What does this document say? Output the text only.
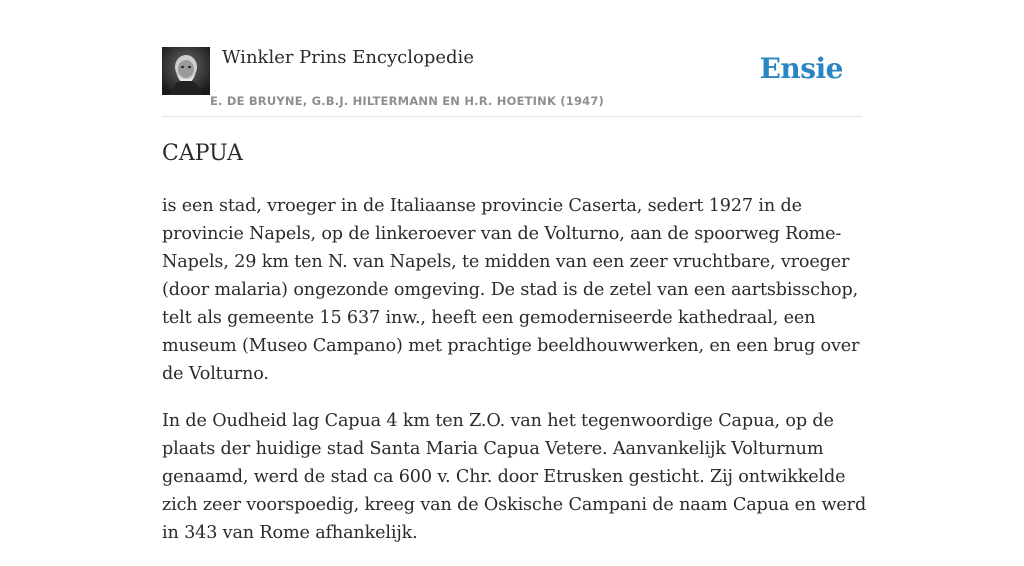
Winkler Prins Encyclopedie
E. DE BRUYNE, G.B.J. HILTERMANN EN H.R. HOETINK (1947)
Ensie
CAPUA

is een stad, vroeger in de Italiaanse provincie Caserta, sedert 1927 in de provincie Napels, op de linkeroever van de Volturno, aan de spoorweg Rome-Napels, 29 km ten N. van Napels, te midden van een zeer vruchtbare, vroeger (door malaria) ongezonde omgeving. De stad is de zetel van een aartsbisschop, telt als gemeente 15 637 inw., heeft een gemoderniseerde kathedraal, een museum (Museo Campano) met prachtige beeldhouwwerken, en een brug over de Volturno.

In de Oudheid lag Capua 4 km ten Z.O. van het tegenwoordige Capua, op de plaats der huidige stad Santa Maria Capua Vetere. Aanvankelijk Volturnum genaamd, werd de stad ca 600 v. Chr. door Etrusken gesticht. Zij ontwikkelde zich zeer voorspoedig, kreeg van de Oskische Campani de naam Capua en werd in 343 van Rome afhankelijk.
